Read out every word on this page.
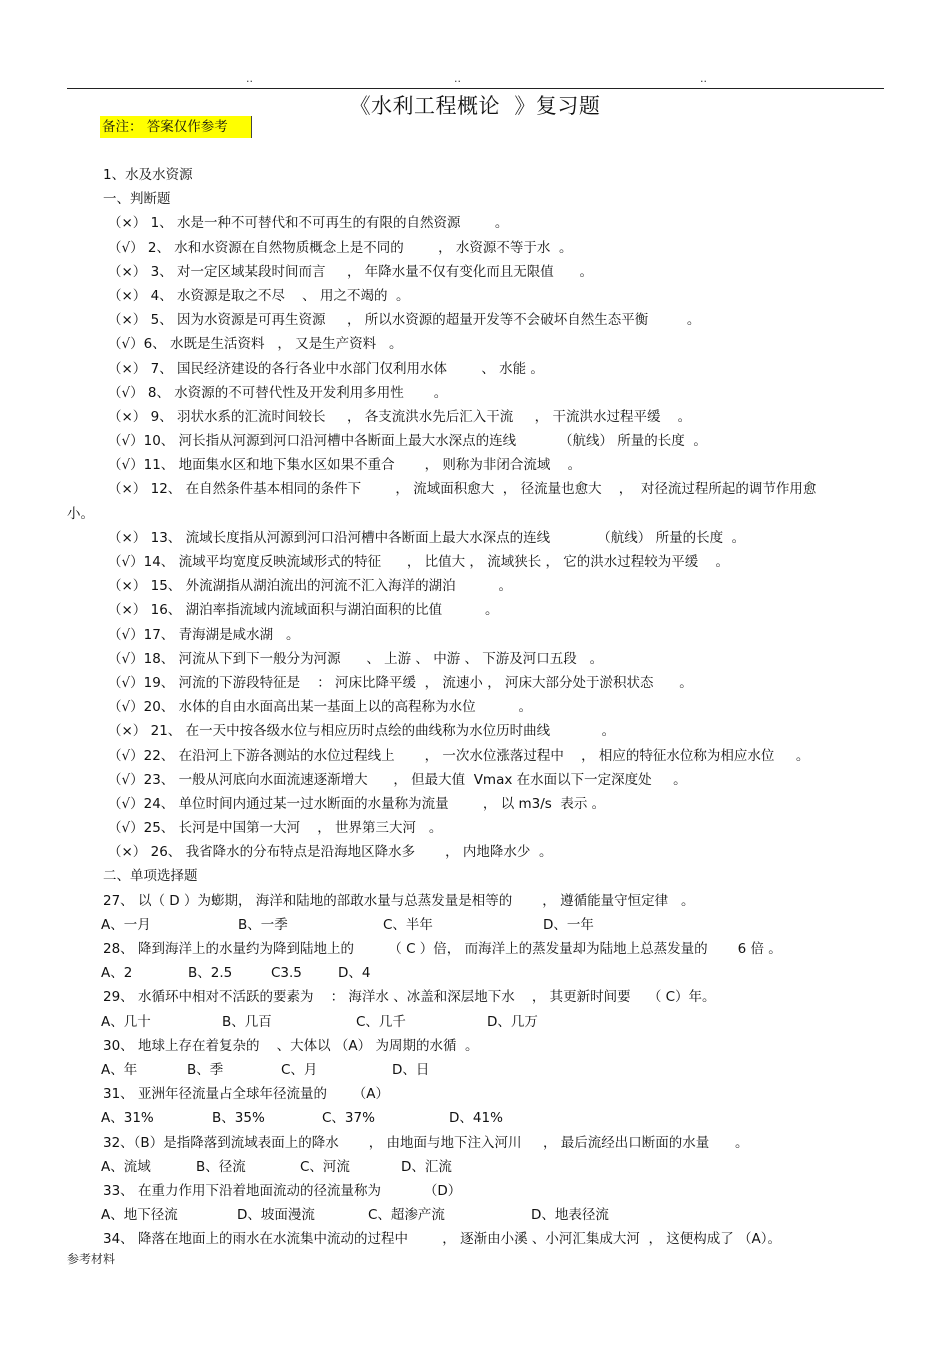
..	..	..
《水利工程概论  》复习题
备注： 答案仅作参考
1、水及水资源
一、判断题
（×） 1、 水是一种不可替代和不可再生的有限的自然资源        。
（√） 2、 水和水资源在自然物质概念上是不同的        ， 水资源不等于水  。
（×） 3、 对一定区域某段时间而言     ， 年降水量不仅有变化而且无限值      。
（×） 4、 水资源是取之不尽    、 用之不竭的  。
（×） 5、 因为水资源是可再生资源     ， 所以水资源的超量开发等不会破坏自然生态平衡         。
（√）6、 水既是生活资料   ， 又是生产资料   。
（×） 7、 国民经济建设的各行各业中水部门仅利用水体        、 水能 。
（√） 8、 水资源的不可替代性及开发利用多用性       。
（×） 9、 羽状水系的汇流时间较长     ， 各支流洪水先后汇入干流     ， 干流洪水过程平缓    。
（√）10、 河长指从河源到河口沿河槽中各断面上最大水深点的连线          （航线） 所量的长度  。
（√）11、 地面集水区和地下集水区如果不重合       ， 则称为非闭合流域    。
（×） 12、 在自然条件基本相同的条件下        ， 流域面积愈大  ， 径流量也愈大    ，  对径流过程所起的调节作用愈
小。
（×） 13、 流域长度指从河源到河口沿河槽中各断面上最大水深点的连线           （航线） 所量的长度  。
（√）14、 流域平均宽度反映流域形式的特征      ， 比值大 ， 流域狭长 ， 它的洪水过程较为平缓    。
（×） 15、 外流湖指从湖泊流出的河流不汇入海洋的湖泊          。
（×） 16、 湖泊率指流域内流域面积与湖泊面积的比值          。
（√）17、 青海湖是咸水湖   。
（√）18、 河流从下到下一般分为河源      、 上游 、 中游 、 下游及河口五段   。
（√）19、 河流的下游段特征是    ： 河床比降平缓  ， 流速小 ， 河床大部分处于淤积状态      。
（√）20、 水体的自由水面高出某一基面上以的高程称为水位          。
（×） 21、 在一天中按各级水位与相应历时点绘的曲线称为水位历时曲线            。
（√）22、 在沿河上下游各测站的水位过程线上       ， 一次水位涨落过程中    ， 相应的特征水位称为相应水位     。
（√）23、 一般从河底向水面流速逐渐增大      ， 但最大值  Vmax 在水面以下一定深度处     。
（√）24、 单位时间内通过某一过水断面的水量称为流量        ， 以 m3/s  表示 。
（√）25、 长河是中国第一大河    ， 世界第三大河   。
（×） 26、 我省降水的分布特点是沿海地区降水多       ， 内地降水少  。
二、单项选择题
27、 以（ D ）为蟛期， 海洋和陆地的部敢水量与总蒸发量是相等的       ， 遵循能量守恒定律   。
A、一月	B、一季	C、半年	D、一年
28、 降到海洋上的水量约为降到陆地上的        （ C ）倍， 而海洋上的蒸发量却为陆地上总蒸发量的       6 倍 。
A、2	B、2.5	C3.5	D、4
29、 水循环中相对不活跃的要素为    ： 海洋水 、冰盖和深层地下水    ， 其更新时间要    （ C）年。
A、几十	B、几百	C、几千	D、几万
30、 地球上存在着复杂的    、大体以 （A） 为周期的水循  。
A、年	B、季	C、月	D、日
31、 亚洲年径流量占全球年径流量的      （A）
A、31%	B、35%	C、37%	D、41%
32、（B）是指降落到流域表面上的降水       ， 由地面与地下注入河川     ， 最后流经出口断面的水量      。
A、流域	B、径流	C、河流	D、汇流
33、 在重力作用下沿着地面流动的径流量称为          （D）
A、地下径流	D、坡面漫流	C、超渗产流	D、地表径流
34、 降落在地面上的雨水在水流集中流动的过程中        ， 逐渐由小溪 、小河汇集成大河  ， 这便构成了 （A）。
参考材料
